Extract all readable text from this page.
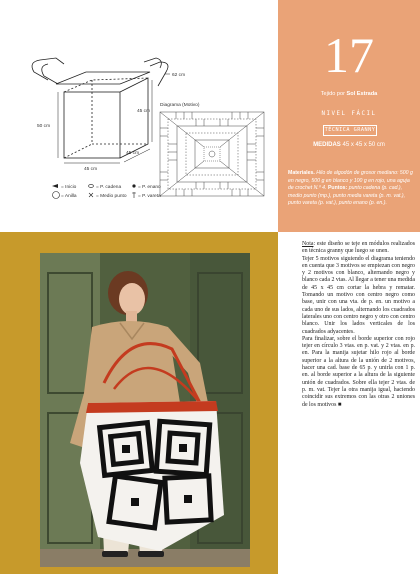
62 cm
45 cm
50 cm
45 cm
45 cm
Diagrama (Motivo)
= Inicio	= P. cadena	= P. enano
= Anilla	= Medio punto = P. vareta
17
Tejido por Sol Estrada
NIVEL FÁCIL
TÉCNICA GRANNY
MEDIDAS 45 x 45 x 50 cm
Materiales. Hilo de algodón de grosor mediano: 500 g en negro, 500 g en blanco y 100 g en rojo, una aguja de crochet N.º 4. Puntos: punto cadena (p. cad.), medio punto (mp.), punto media vareta (p. m. vat.), punto vareta (p. vat.), punto enano (p. en.).

Nota: este diseño se teje en módulos realizados en técnica granny que luego se unen.

Tejer 5 motivos siguiendo el diagrama teniendo en cuenta que 3 motivos se empiezan con negro y 2 motivos con blanco, alternando negro y blanco cada 2 vtas. Al llegar a tener una medida de 45 x 45 cm cortar la hebra y rematar. Tomando un motivo con centro negro como base, unir con una vta. de p. en. un motivo a cada uno de sus lados, alternando los cuadrados laterales uno con centro negro y otro con centro blanco. Unir los lados verticales de los cuadrados adyacentes.

Para finalizar, sobre el borde superior con rojo tejer en círculo 3 vtas. en p. vat. y 2 vtas. en p. en. Para la manija sujetar hilo rojo al borde superior a la altura de la unión de 2 motivos, hacer una cad. base de 65 p. y unirla con 1 p. en. al borde superior a la altura de la siguiente unión de cuadrados. Sobre ella tejer 2 vtas. de p. m. vat. Tejer la otra manija igual, haciendo coincidir sus extremos con las otras 2 uniones de los motivos ■
